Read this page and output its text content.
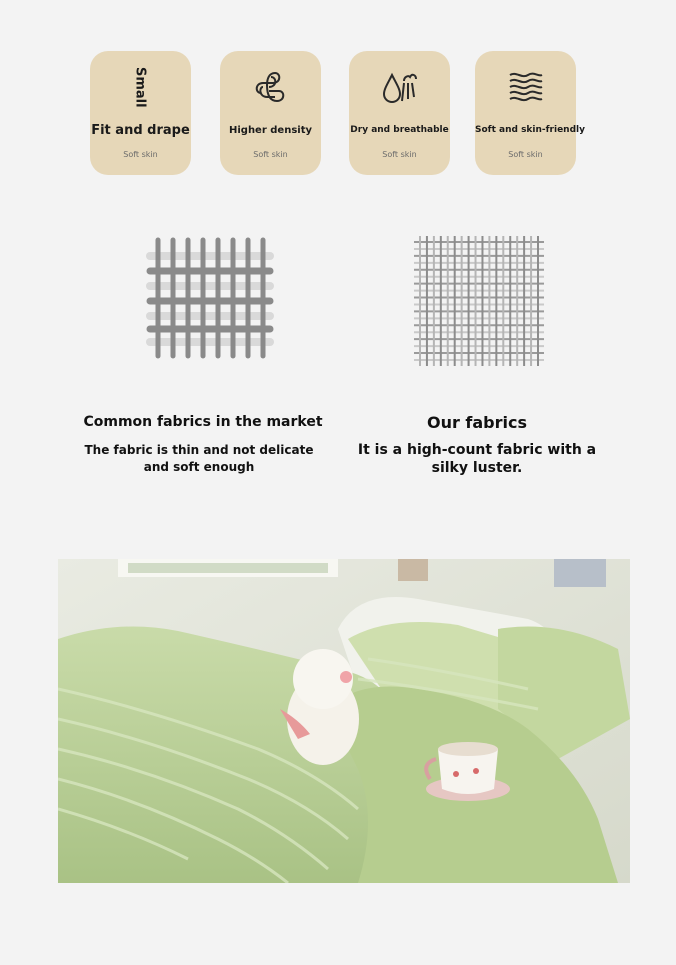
Small
Fit and drape
Soft skin
Higher density
Soft skin
Dry and breathable
Soft skin
Soft and skin-friendly
Soft skin
Common fabrics in the market
The fabric is thin and not delicate and soft enough
Our fabrics
It is a high-count fabric with a silky luster.
